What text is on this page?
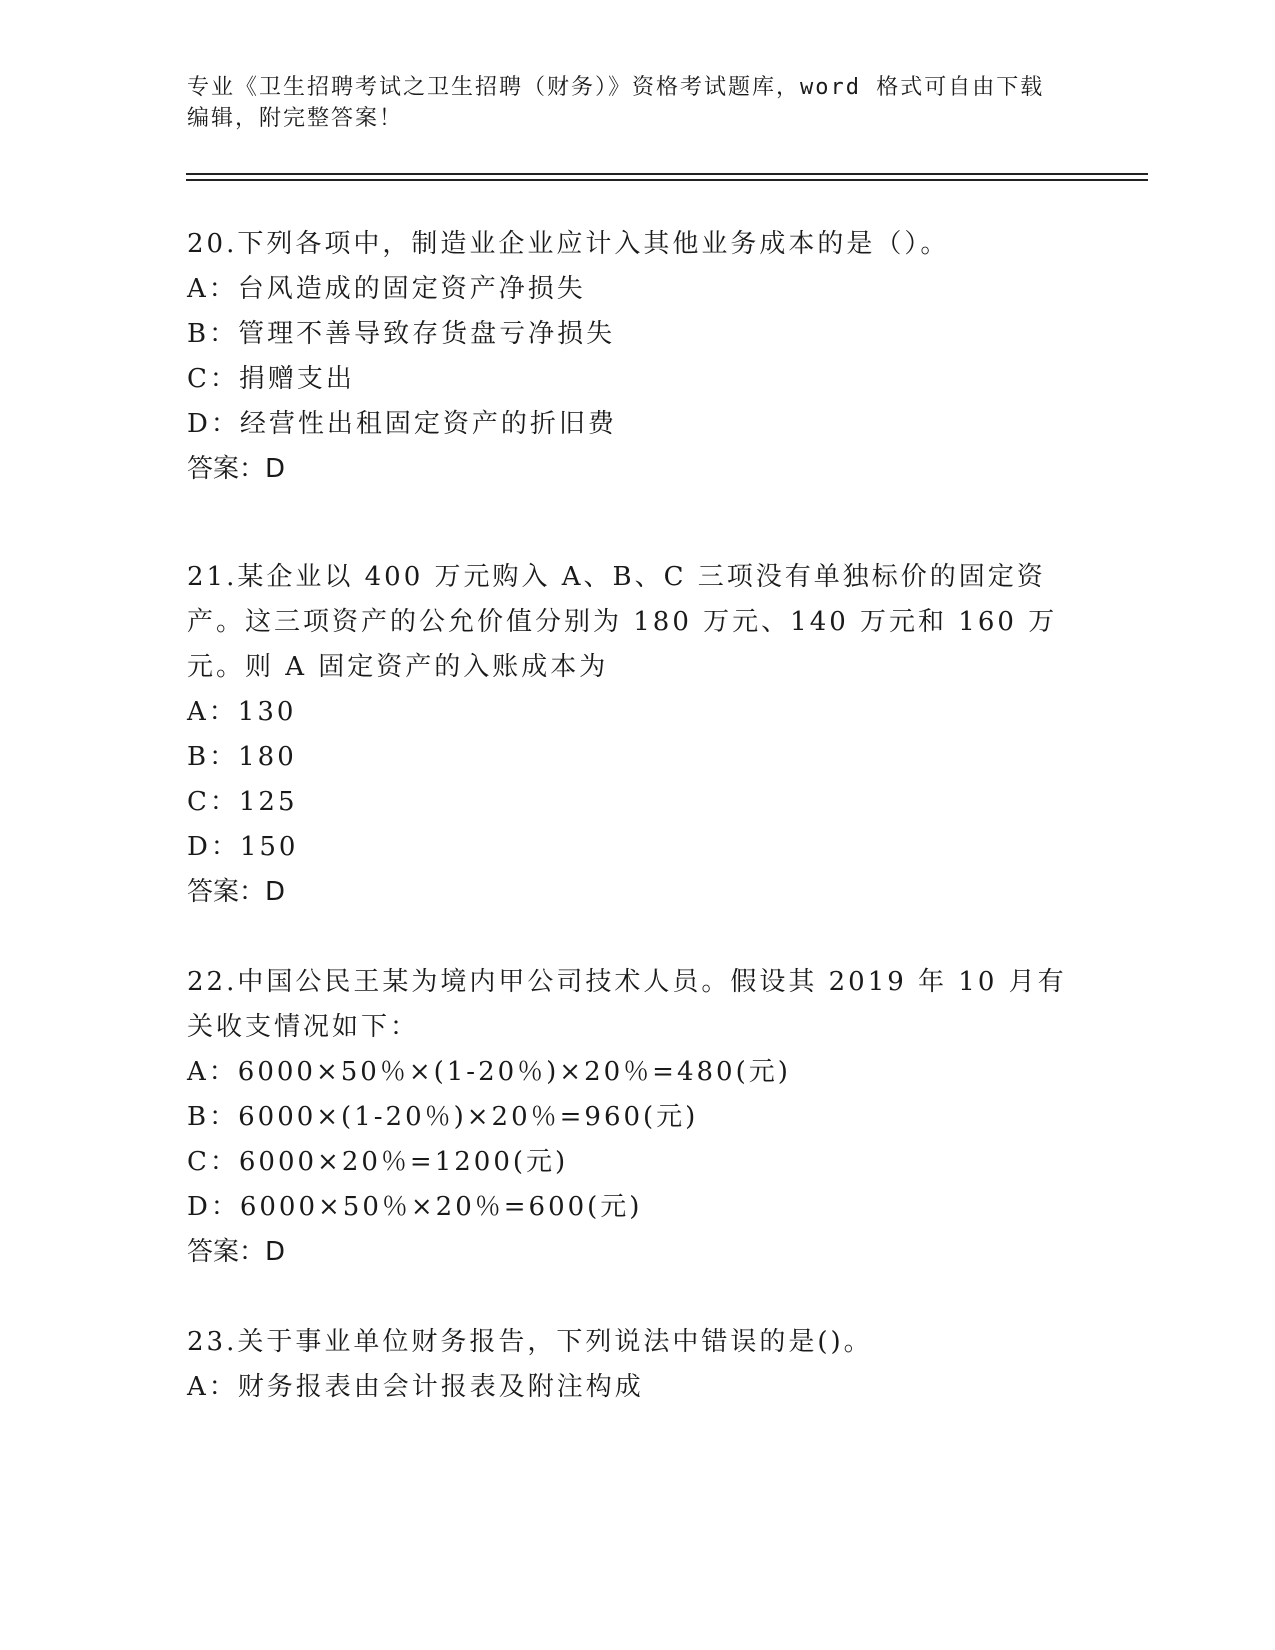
专业《卫生招聘考试之卫生招聘（财务）》资格考试题库，word 格式可自由下载编辑，附完整答案！
20.下列各项中，制造业企业应计入其他业务成本的是（）。
A：台风造成的固定资产净损失
B：管理不善导致存货盘亏净损失
C：捐赠支出
D：经营性出租固定资产的折旧费
答案：D
21.某企业以 400 万元购入 A、B、C 三项没有单独标价的固定资产。这三项资产的公允价值分别为 180 万元、140 万元和 160 万元。则 A 固定资产的入账成本为
A：130
B：180
C：125
D：150
答案：D
22.中国公民王某为境内甲公司技术人员。假设其 2019 年 10 月有关收支情况如下：
A：6000×50％×(1-20％)×20％=480(元)
B：6000×(1-20％)×20％=960(元)
C：6000×20％=1200(元)
D：6000×50％×20％=600(元)
答案：D
23.关于事业单位财务报告，下列说法中错误的是()。
A：财务报表由会计报表及附注构成
